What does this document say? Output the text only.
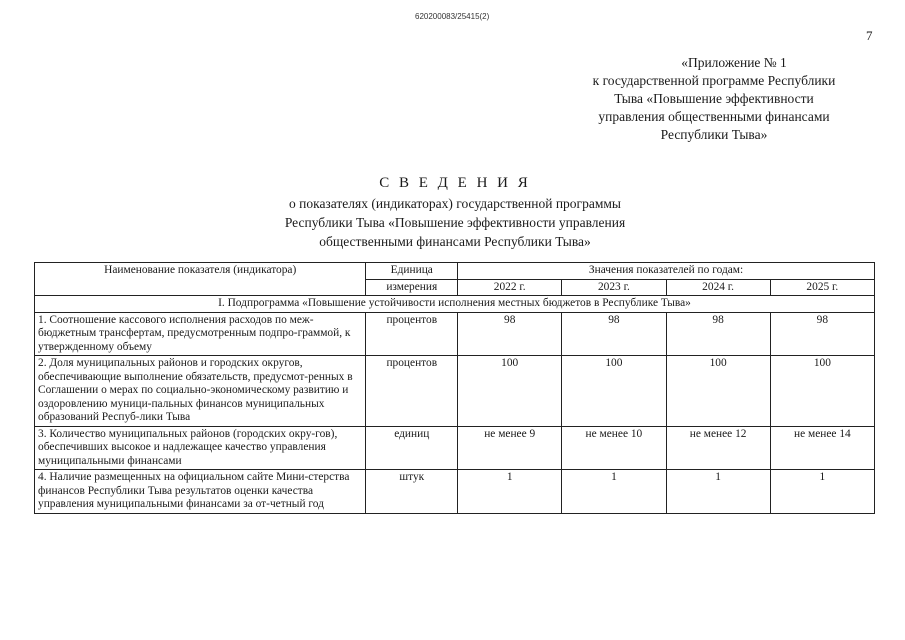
620200083/25415(2)
7
«Приложение № 1
к государственной программе Республики
Тыва «Повышение эффективности
управления общественными финансами
Республики Тыва»
С В Е Д Е Н И Я
о показателях (индикаторах) государственной программы
Республики Тыва «Повышение эффективности управления
общественными финансами Республики Тыва»
Наименование показателя (индикатора)	Единица	Значения показателей по годам:			
	измерения	2022 г.	2023 г.	2024 г.	2025 г.
I. Подпрограмма «Повышение устойчивости исполнения местных бюджетов в Республике Тыва»					
1. Соотношение кассового исполнения расходов по меж-бюджетным трансфертам, предусмотренным подпро-граммой, к утвержденному объему	процентов	98	98	98	98
2. Доля муниципальных районов и городских округов, обеспечивающие выполнение обязательств, предусмот-ренных в Соглашении о мерах по социально-экономическому развитию и оздоровлению муници-пальных финансов муниципальных образований Респуб-лики Тыва	процентов	100	100	100	100
3. Количество муниципальных районов (городских окру-гов), обеспечивших высокое и надлежащее качество управления муниципальными финансами	единиц	не менее 9	не менее 10	не менее 12	не менее 14
4. Наличие размещенных на официальном сайте Мини-стерства финансов Республики Тыва результатов оценки качества управления муниципальными финансами за от-четный год	штук	1	1	1	1
